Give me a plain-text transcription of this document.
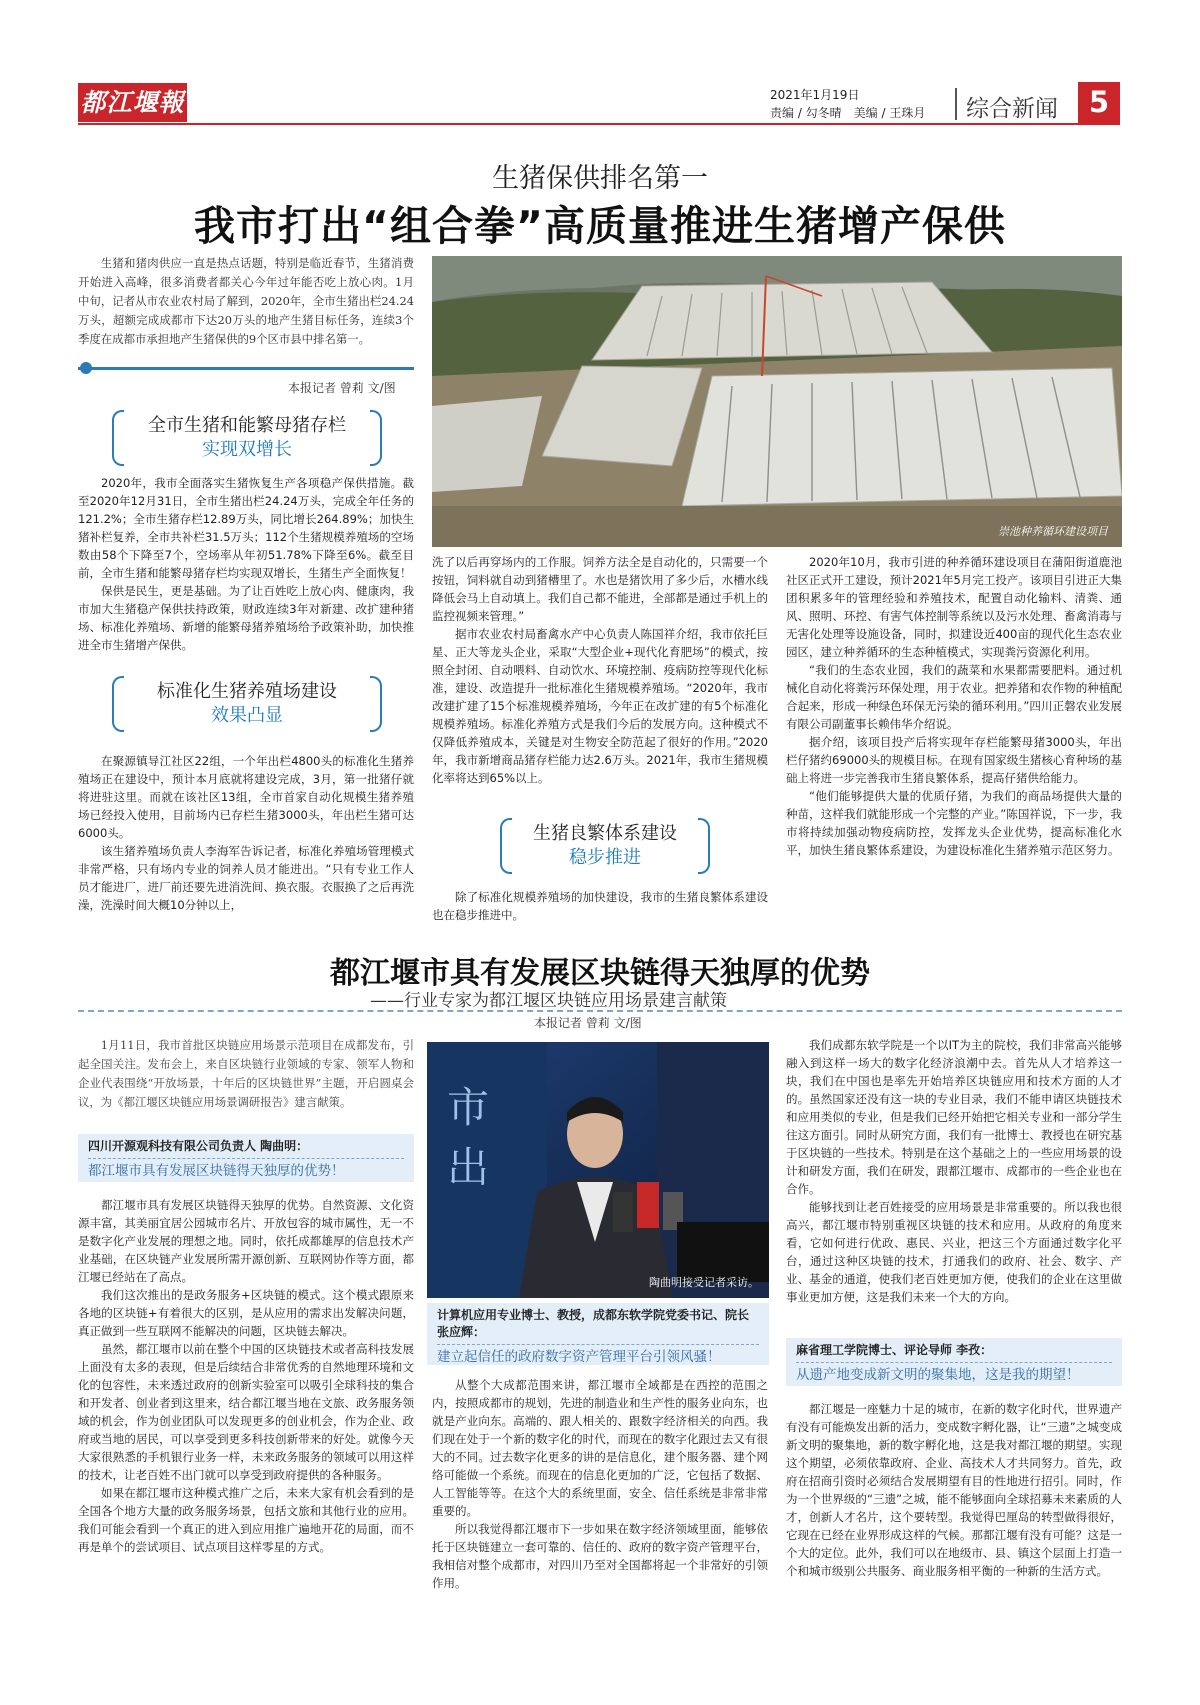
都江堰報	2021年1月19日
责编 / 勾冬晴　美编 / 王珠月 综合新闻	5
生猪保供排名第一
我市打出“组合拳”高质量推进生猪增产保供

生猪和猪肉供应一直是热点话题，特别是临近春节，生猪消费开始进入高峰，很多消费者都关心今年过年能否吃上放心肉。1月中旬，记者从市农业农村局了解到，2020年，全市生猪出栏24.24万头，超额完成成都市下达20万头的地产生猪目标任务，连续3个季度在成都市承担地产生猪保供的9个区市县中排名第一。

本报记者 曾莉 文/图
崇池种养循环建设项目
全市生猪和能繁母猪存栏
实现双增长

2020年，我市全面落实生猪恢复生产各项稳产保供措施。截至2020年12月31日，全市生猪出栏24.24万头，完成全年任务的121.2%；全市生猪存栏12.89万头，同比增长264.89%；加快生猪补栏复养，全市共补栏31.5万头；112个生猪规模养殖场的空场数由58个下降至7个，空场率从年初51.78%下降至6%。截至目前，全市生猪和能繁母猪存栏均实现双增长，生猪生产全面恢复！

保供是民生，更是基础。为了让百姓吃上放心肉、健康肉，我市加大生猪稳产保供扶持政策，财政连续3年对新建、改扩建种猪场、标准化养殖场、新增的能繁母猪养殖场给予政策补助，加快推进全市生猪增产保供。

标准化生猪养殖场建设
效果凸显

在聚源镇导江社区22组，一个年出栏4800头的标准化生猪养殖场正在建设中，预计本月底就将建设完成，3月，第一批猪仔就将进驻这里。而就在该社区13组，全市首家自动化规模生猪养殖场已经投入使用，目前场内已存栏生猪3000头，年出栏生猪可达6000头。

该生猪养殖场负责人李海军告诉记者，标准化养殖场管理模式非常严格，只有场内专业的饲养人员才能进出。“只有专业工作人员才能进厂，进厂前还要先进消洗间、换衣服。衣服换了之后再洗澡，洗澡时间大概10分钟以上，

洗了以后再穿场内的工作服。饲养方法全是自动化的，只需要一个按钮，饲料就自动到猪槽里了。水也是猪饮用了多少后，水槽水线降低会马上自动填上。我们自己都不能进，全部都是通过手机上的监控视频来管理。”

据市农业农村局畜禽水产中心负责人陈国祥介绍，我市依托巨星、正大等龙头企业，采取“大型企业+现代化育肥场”的模式，按照全封闭、自动喂料、自动饮水、环境控制、疫病防控等现代化标准，建设、改造提升一批标准化生猪规模养殖场。“2020年，我市改建扩建了15个标准规模养殖场，今年正在改扩建的有5个标准化规模养殖场。标准化养殖方式是我们今后的发展方向。这种模式不仅降低养殖成本，关键是对生物安全防范起了很好的作用。”2020年，我市新增商品猪存栏能力达2.6万头。2021年，我市生猪规模化率将达到65%以上。

生猪良繁体系建设
稳步推进

除了标准化规模养殖场的加快建设，我市的生猪良繁体系建设也在稳步推进中。

2020年10月，我市引进的种养循环建设项目在蒲阳街道鹿池社区正式开工建设，预计2021年5月完工投产。该项目引进正大集团积累多年的管理经验和养殖技术，配置自动化输料、清粪、通风、照明、环控、有害气体控制等系统以及污水处理、畜禽消毒与无害化处理等设施设备，同时，拟建设近400亩的现代化生态农业园区，建立种养循环的生态种植模式，实现粪污资源化利用。

“我们的生态农业园，我们的蔬菜和水果都需要肥料。通过机械化自动化将粪污环保处理，用于农业。把养猪和农作物的种植配合起来，形成一种绿色环保无污染的循环利用。”四川正磐农业发展有限公司副董事长赖伟华介绍说。

据介绍，该项目投产后将实现年存栏能繁母猪3000头，年出栏仔猪约69000头的规模目标。在现有国家级生猪核心育种场的基础上将进一步完善我市生猪良繁体系，提高仔猪供给能力。

“他们能够提供大量的优质仔猪，为我们的商品场提供大量的种苗，这样我们就能形成一个完整的产业。”陈国祥说，下一步，我市将持续加强动物疫病防控，发挥龙头企业优势，提高标准化水平，加快生猪良繁体系建设，为建设标准化生猪养殖示范区努力。

都江堰市具有发展区块链得天独厚的优势
——行业专家为都江堰区块链应用场景建言献策
本报记者 曾莉 文/图

1月11日，我市首批区块链应用场景示范项目在成都发布，引起全国关注。发布会上，来自区块链行业领域的专家、领军人物和企业代表围绕“开放场景，十年后的区块链世界”主题，开启圆桌会议，为《都江堰区块链应用场景调研报告》建言献策。

四川开源观科技有限公司负责人 陶曲明：
都江堰市具有发展区块链得天独厚的优势！

都江堰市具有发展区块链得天独厚的优势。自然资源、文化资源丰富，其美丽宜居公园城市名片、开放包容的城市属性，无一不是数字化产业发展的理想之地。同时，依托成都雄厚的信息技术产业基础，在区块链产业发展所需开源创新、互联网协作等方面，都江堰已经站在了高点。

我们这次推出的是政务服务+区块链的模式。这个模式跟原来各地的区块链+有着很大的区别，是从应用的需求出发解决问题，真正做到一些互联网不能解决的问题，区块链去解决。

虽然，都江堰市以前在整个中国的区块链技术或者高科技发展上面没有太多的表现，但是后续结合非常优秀的自然地理环境和文化的包容性，未来透过政府的创新实验室可以吸引全球科技的集合和开发者、创业者到这里来，结合都江堰当地在文旅、政务服务领域的机会，作为创业团队可以发现更多的创业机会，作为企业、政府或当地的居民，可以享受到更多科技创新带来的好处。就像今天大家很熟悉的手机银行业务一样，未来政务服务的领域可以用这样的技术，让老百姓不出门就可以享受到政府提供的各种服务。

如果在都江堰市这种模式推广之后，未来大家有机会看到的是全国各个地方大量的政务服务场景，包括文旅和其他行业的应用。我们可能会看到一个真正的进入到应用推广遍地开花的局面，而不再是单个的尝试项目、试点项目这样零星的方式。

市
出
陶曲明接受记者采访。
计算机应用专业博士、教授，成都东软学院党委书记、院长 张应辉：
建立起信任的政府数字资产管理平台引领风骚！

从整个大成都范围来讲，都江堰市全域都是在西控的范围之内，按照成都市的规划，先进的制造业和生产性的服务业向东，也就是产业向东。高端的、跟人相关的、跟数字经济相关的向西。我们现在处于一个新的数字化的时代，而现在的数字化跟过去又有很大的不同。过去数字化更多的讲的是信息化，建个服务器、建个网络可能做一个系统。而现在的信息化更加的广泛，它包括了数据、人工智能等等。在这个大的系统里面，安全、信任系统是非常非常重要的。

所以我觉得都江堰市下一步如果在数字经济领域里面，能够依托于区块链建立一套可靠的、信任的、政府的数字资产管理平台，我相信对整个成都市，对四川乃至对全国都将起一个非常好的引领作用。

我们成都东软学院是一个以IT为主的院校，我们非常高兴能够融入到这样一场大的数字化经济浪潮中去。首先从人才培养这一块，我们在中国也是率先开始培养区块链应用和技术方面的人才的。虽然国家还没有这一块的专业目录，我们不能申请区块链技术和应用类似的专业，但是我们已经开始把它相关专业和一部分学生往这方面引。同时从研究方面，我们有一批博士、教授也在研究基于区块链的一些技术。特别是在这个基础之上的一些应用场景的设计和研发方面，我们在研发，跟都江堰市、成都市的一些企业也在合作。

能够找到让老百姓接受的应用场景是非常重要的。所以我也很高兴，都江堰市特别重视区块链的技术和应用。从政府的角度来看，它如何进行优政、惠民、兴业，把这三个方面通过数字化平台，通过这种区块链的技术，打通我们的政府、社会、数字、产业、基金的通道，使我们老百姓更加方便，使我们的企业在这里做事业更加方便，这是我们未来一个大的方向。

麻省理工学院博士、评论导师 李孜：
从遗产地变成新文明的聚集地，这是我的期望！

都江堰是一座魅力十足的城市，在新的数字化时代，世界遗产有没有可能焕发出新的活力，变成数字孵化器，让“三遗”之城变成新文明的聚集地，新的数字孵化地，这是我对都江堰的期望。实现这个期望，必须依靠政府、企业、高技术人才共同努力。首先，政府在招商引资时必须结合发展期望有目的性地进行招引。同时，作为一个世界级的“三遗”之城，能不能够面向全球招募未来素质的人才，创新人才名片，这个要转型。我觉得巴厘岛的转型做得很好，它现在已经在业界形成这样的气候。那都江堰有没有可能？这是一个大的定位。此外，我们可以在地级市、县、镇这个层面上打造一个和城市级别公共服务、商业服务相平衡的一种新的生活方式。
